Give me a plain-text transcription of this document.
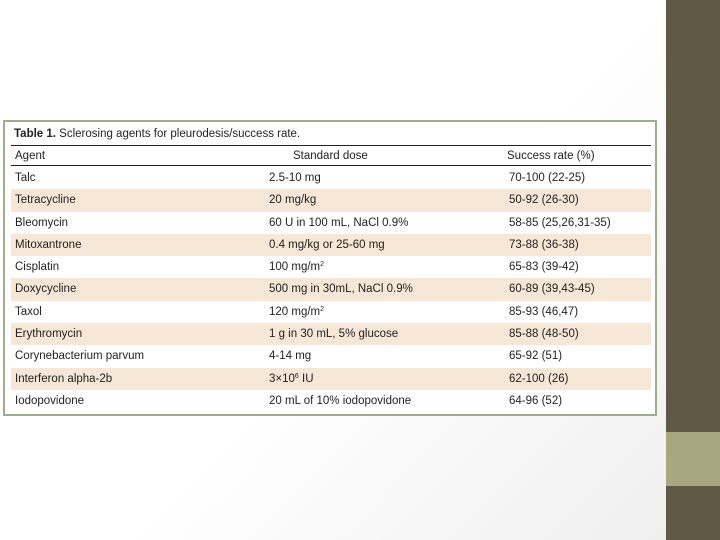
Table 1. Sclerosing agents for pleurodesis/success rate.
Agent	Standard dose	Success rate (%)
Talc	2.5-10 mg	70-100 (22-25)
Tetracycline	20 mg/kg	50-92 (26-30)
Bleomycin	60 U in 100 mL, NaCl 0.9%	58-85 (25,26,31-35)
Mitoxantrone	0.4 mg/kg or 25-60 mg	73-88 (36-38)
Cisplatin	100 $mg/m^2$	65-83 (39-42)
Doxycycline	500 mg in 30mL, NaCl 0.9%	60-89 (39,43-45)
Taxol	120 $mg/m^2$	85-93 (46,47)
Erythromycin	1 g in 30 mL, 5% glucose	85-88 (48-50)
Corynebacterium parvum	4-14 mg	65-92 (51)
Interferon alpha-2b	$3\times 10^6$ IU	62-100 (26)
Iodopovidone	20 mL of 10% iodopovidone	64-96 (52)
